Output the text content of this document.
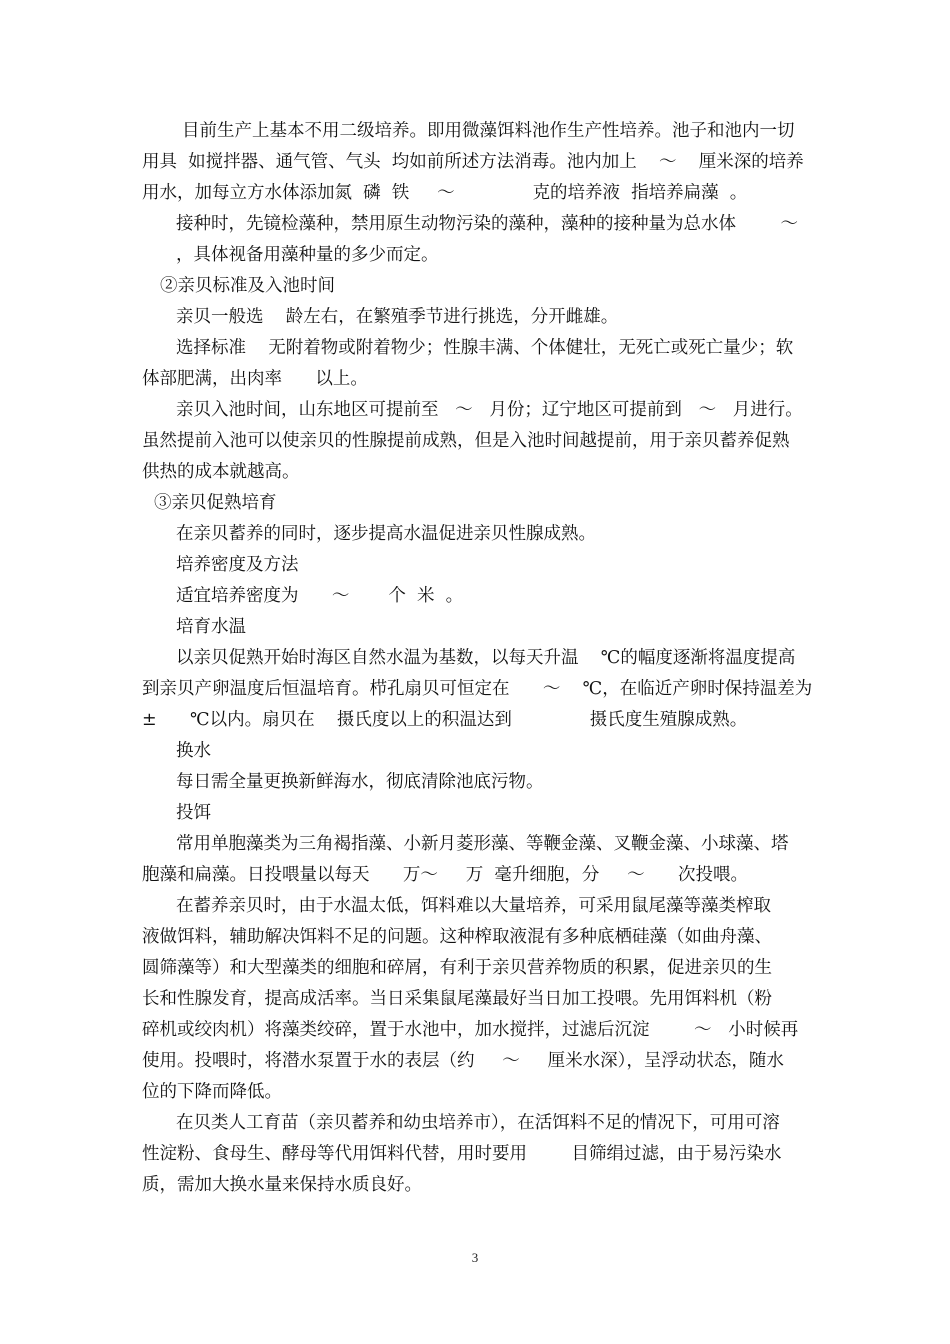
目前生产上基本不用二级培养。即用微藻饵料池作生产性培养。池子和池内一切
用具  如搅拌器、通气管、气头  均如前所述方法消毒。池内加上    ～    厘米深的培养
用水，加每立方水体添加氮  磷  铁     ～              克的培养液  指培养扁藻  。
接种时，先镜检藻种，禁用原生动物污染的藻种，藻种的接种量为总水体        ～
，具体视备用藻种量的多少而定。
②亲贝标准及入池时间
亲贝一般选    龄左右，在繁殖季节进行挑选，分开雌雄。
选择标准    无附着物或附着物少；性腺丰满、个体健壮，无死亡或死亡量少；软
体部肥满，出肉率      以上。
亲贝入池时间，山东地区可提前至   ～   月份；辽宁地区可提前到   ～   月进行。
虽然提前入池可以使亲贝的性腺提前成熟，但是入池时间越提前，用于亲贝蓄养促熟
供热的成本就越高。
③亲贝促熟培育
在亲贝蓄养的同时，逐步提高水温促进亲贝性腺成熟。
培养密度及方法
适宜培养密度为      ～       个  米  。
培育水温
以亲贝促熟开始时海区自然水温为基数，以每天升温    ℃的幅度逐渐将温度提高
到亲贝产卵温度后恒温培育。栉孔扇贝可恒定在      ～    ℃，在临近产卵时保持温差为
±      ℃以内。扇贝在    摄氏度以上的积温达到              摄氏度生殖腺成熟。
换水
每日需全量更换新鲜海水，彻底清除池底污物。
投饵
常用单胞藻类为三角褐指藻、小新月菱形藻、等鞭金藻、叉鞭金藻、小球藻、塔
胞藻和扁藻。日投喂量以每天      万～     万  毫升细胞，分     ～      次投喂。
在蓄养亲贝时，由于水温太低，饵料难以大量培养，可采用鼠尾藻等藻类榨取
液做饵料，辅助解决饵料不足的问题。这种榨取液混有多种底栖硅藻（如曲舟藻、
圆筛藻等）和大型藻类的细胞和碎屑，有利于亲贝营养物质的积累，促进亲贝的生
长和性腺发育，提高成活率。当日采集鼠尾藻最好当日加工投喂。先用饵料机（粉
碎机或绞肉机）将藻类绞碎，置于水池中，加水搅拌，过滤后沉淀        ～   小时候再
使用。投喂时，将潜水泵置于水的表层（约     ～     厘米水深），呈浮动状态，随水
位的下降而降低。
在贝类人工育苗（亲贝蓄养和幼虫培养市），在活饵料不足的情况下，可用可溶
性淀粉、食母生、酵母等代用饵料代替，用时要用        目筛绢过滤，由于易污染水
质，需加大换水量来保持水质良好。
3
